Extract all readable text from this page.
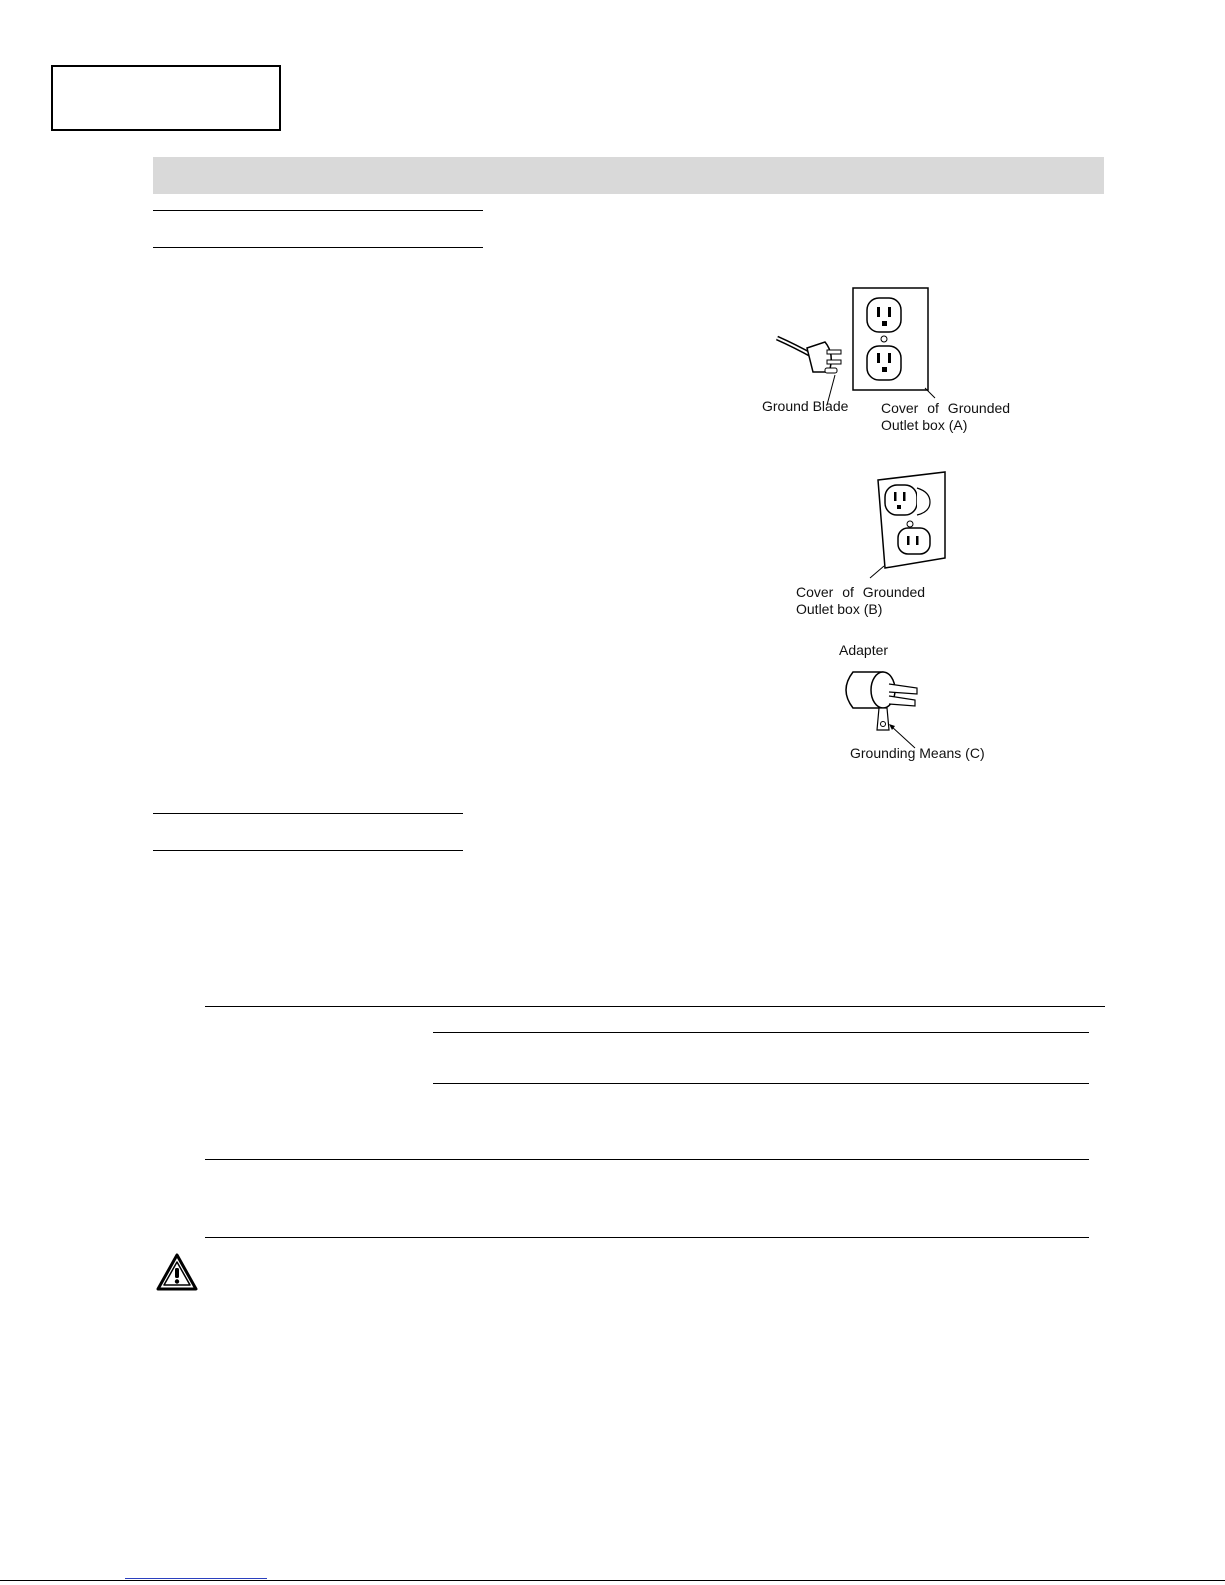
Ground Blade Cover of Grounded
Outlet box (A)
Cover of Grounded
Outlet box (B)
Adapter
Grounding Means (C)
